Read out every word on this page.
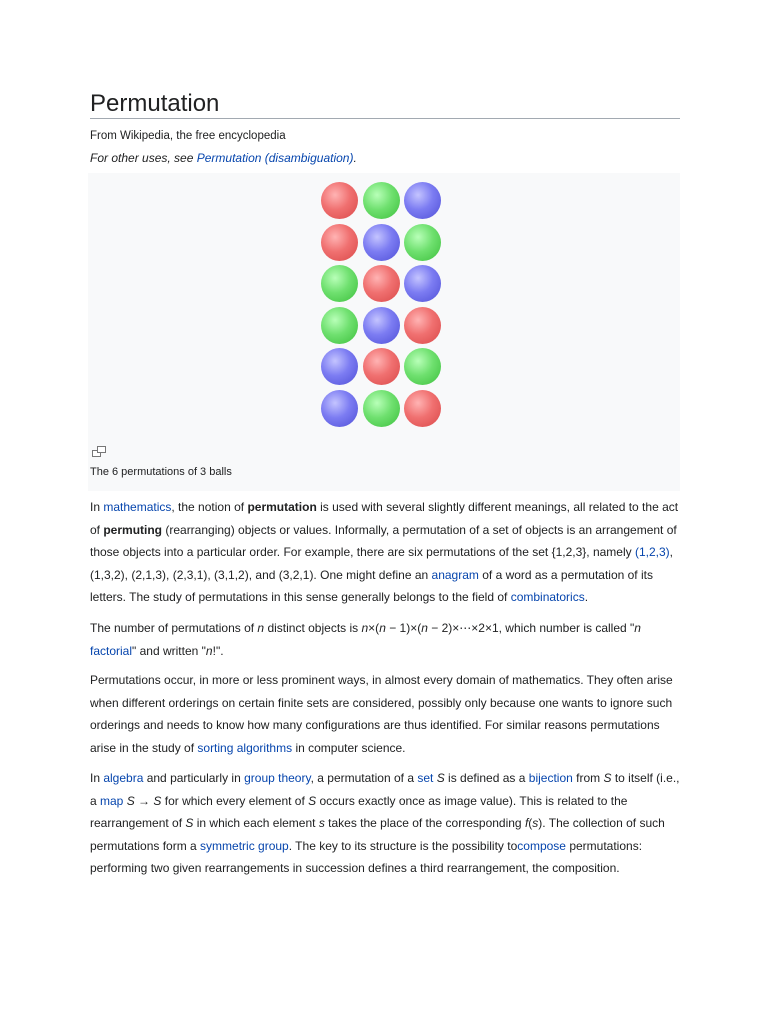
Permutation
From Wikipedia, the free encyclopedia
For other uses, see Permutation (disambiguation).
The 6 permutations of 3 balls

In mathematics, the notion of permutation is used with several slightly different meanings, all related to the act of permuting (rearranging) objects or values. Informally, a permutation of a set of objects is an arrangement of those objects into a particular order. For example, there are six permutations of the set {1,2,3}, namely (1,2,3), (1,3,2), (2,1,3), (2,3,1), (3,1,2), and (3,2,1). One might define an anagram of a word as a permutation of its letters. The study of permutations in this sense generally belongs to the field of combinatorics.

The number of permutations of n distinct objects is n×(n − 1)×(n − 2)×⋯×2×1, which number is called "n factorial" and written "n!".

Permutations occur, in more or less prominent ways, in almost every domain of mathematics. They often arise when different orderings on certain finite sets are considered, possibly only because one wants to ignore such orderings and needs to know how many configurations are thus identified. For similar reasons permutations arise in the study of sorting algorithms in computer science.

In algebra and particularly in group theory, a permutation of a set S is defined as a bijection from S to itself (i.e., a map S → S for which every element of S occurs exactly once as image value). This is related to the rearrangement of S in which each element s takes the place of the corresponding f(s). The collection of such permutations form a symmetric group. The key to its structure is the possibility tocompose permutations: performing two given rearrangements in succession defines a third rearrangement, the composition.
